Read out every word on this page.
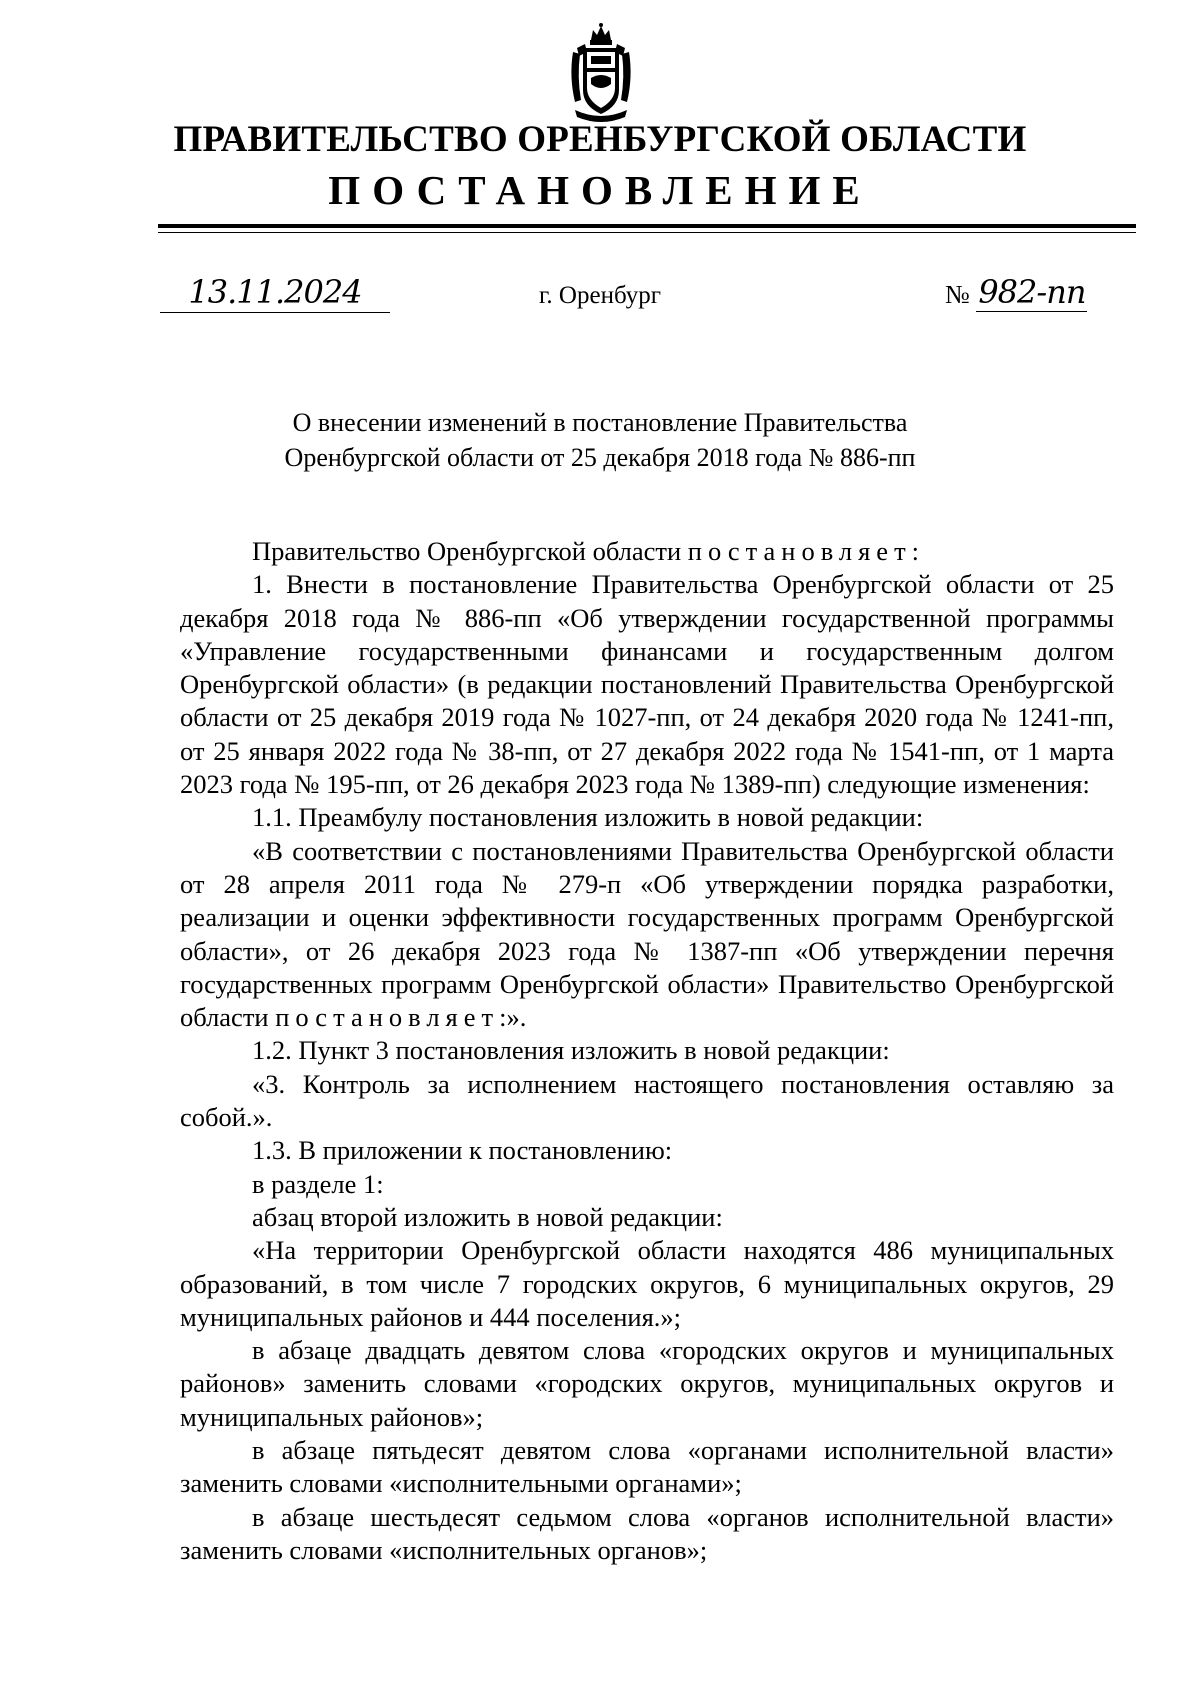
ПРАВИТЕЛЬСТВО ОРЕНБУРГСКОЙ ОБЛАСТИ
ПОСТАНОВЛЕНИЕ
13.11.2024	г. Оренбург	№ 982-пп
О внесении изменений в постановление Правительства
Оренбургской области от 25 декабря 2018 года № 886-пп

Правительство Оренбургской области постановляет:

1. Внести в постановление Правительства Оренбургской области от 25 декабря 2018 года № 886-пп «Об утверждении государственной программы «Управление государственными финансами и государственным долгом Оренбургской области» (в редакции постановлений Правительства Оренбургской области от 25 декабря 2019 года № 1027-пп, от 24 декабря 2020 года № 1241-пп, от 25 января 2022 года № 38-пп, от 27 декабря 2022 года № 1541-пп, от 1 марта 2023 года № 195-пп, от 26 декабря 2023 года № 1389-пп) следующие изменения:

1.1. Преамбулу постановления изложить в новой редакции:

«В соответствии с постановлениями Правительства Оренбургской области от 28 апреля 2011 года № 279-п «Об утверждении порядка разработки, реализации и оценки эффективности государственных программ Оренбургской области», от 26 декабря 2023 года № 1387-пп «Об утверждении перечня государственных программ Оренбургской области» Правительство Оренбургской области постановляет:».

1.2. Пункт 3 постановления изложить в новой редакции:

«3. Контроль за исполнением настоящего постановления оставляю за собой.».

1.3. В приложении к постановлению:

в разделе 1:

абзац второй изложить в новой редакции:

«На территории Оренбургской области находятся 486 муниципальных образований, в том числе 7 городских округов, 6 муниципальных округов, 29 муниципальных районов и 444 поселения.»;

в абзаце двадцать девятом слова «городских округов и муниципальных районов» заменить словами «городских округов, муниципальных округов и муниципальных районов»;

в абзаце пятьдесят девятом слова «органами исполнительной власти» заменить словами «исполнительными органами»;

в абзаце шестьдесят седьмом слова «органов исполнительной власти» заменить словами «исполнительных органов»;
